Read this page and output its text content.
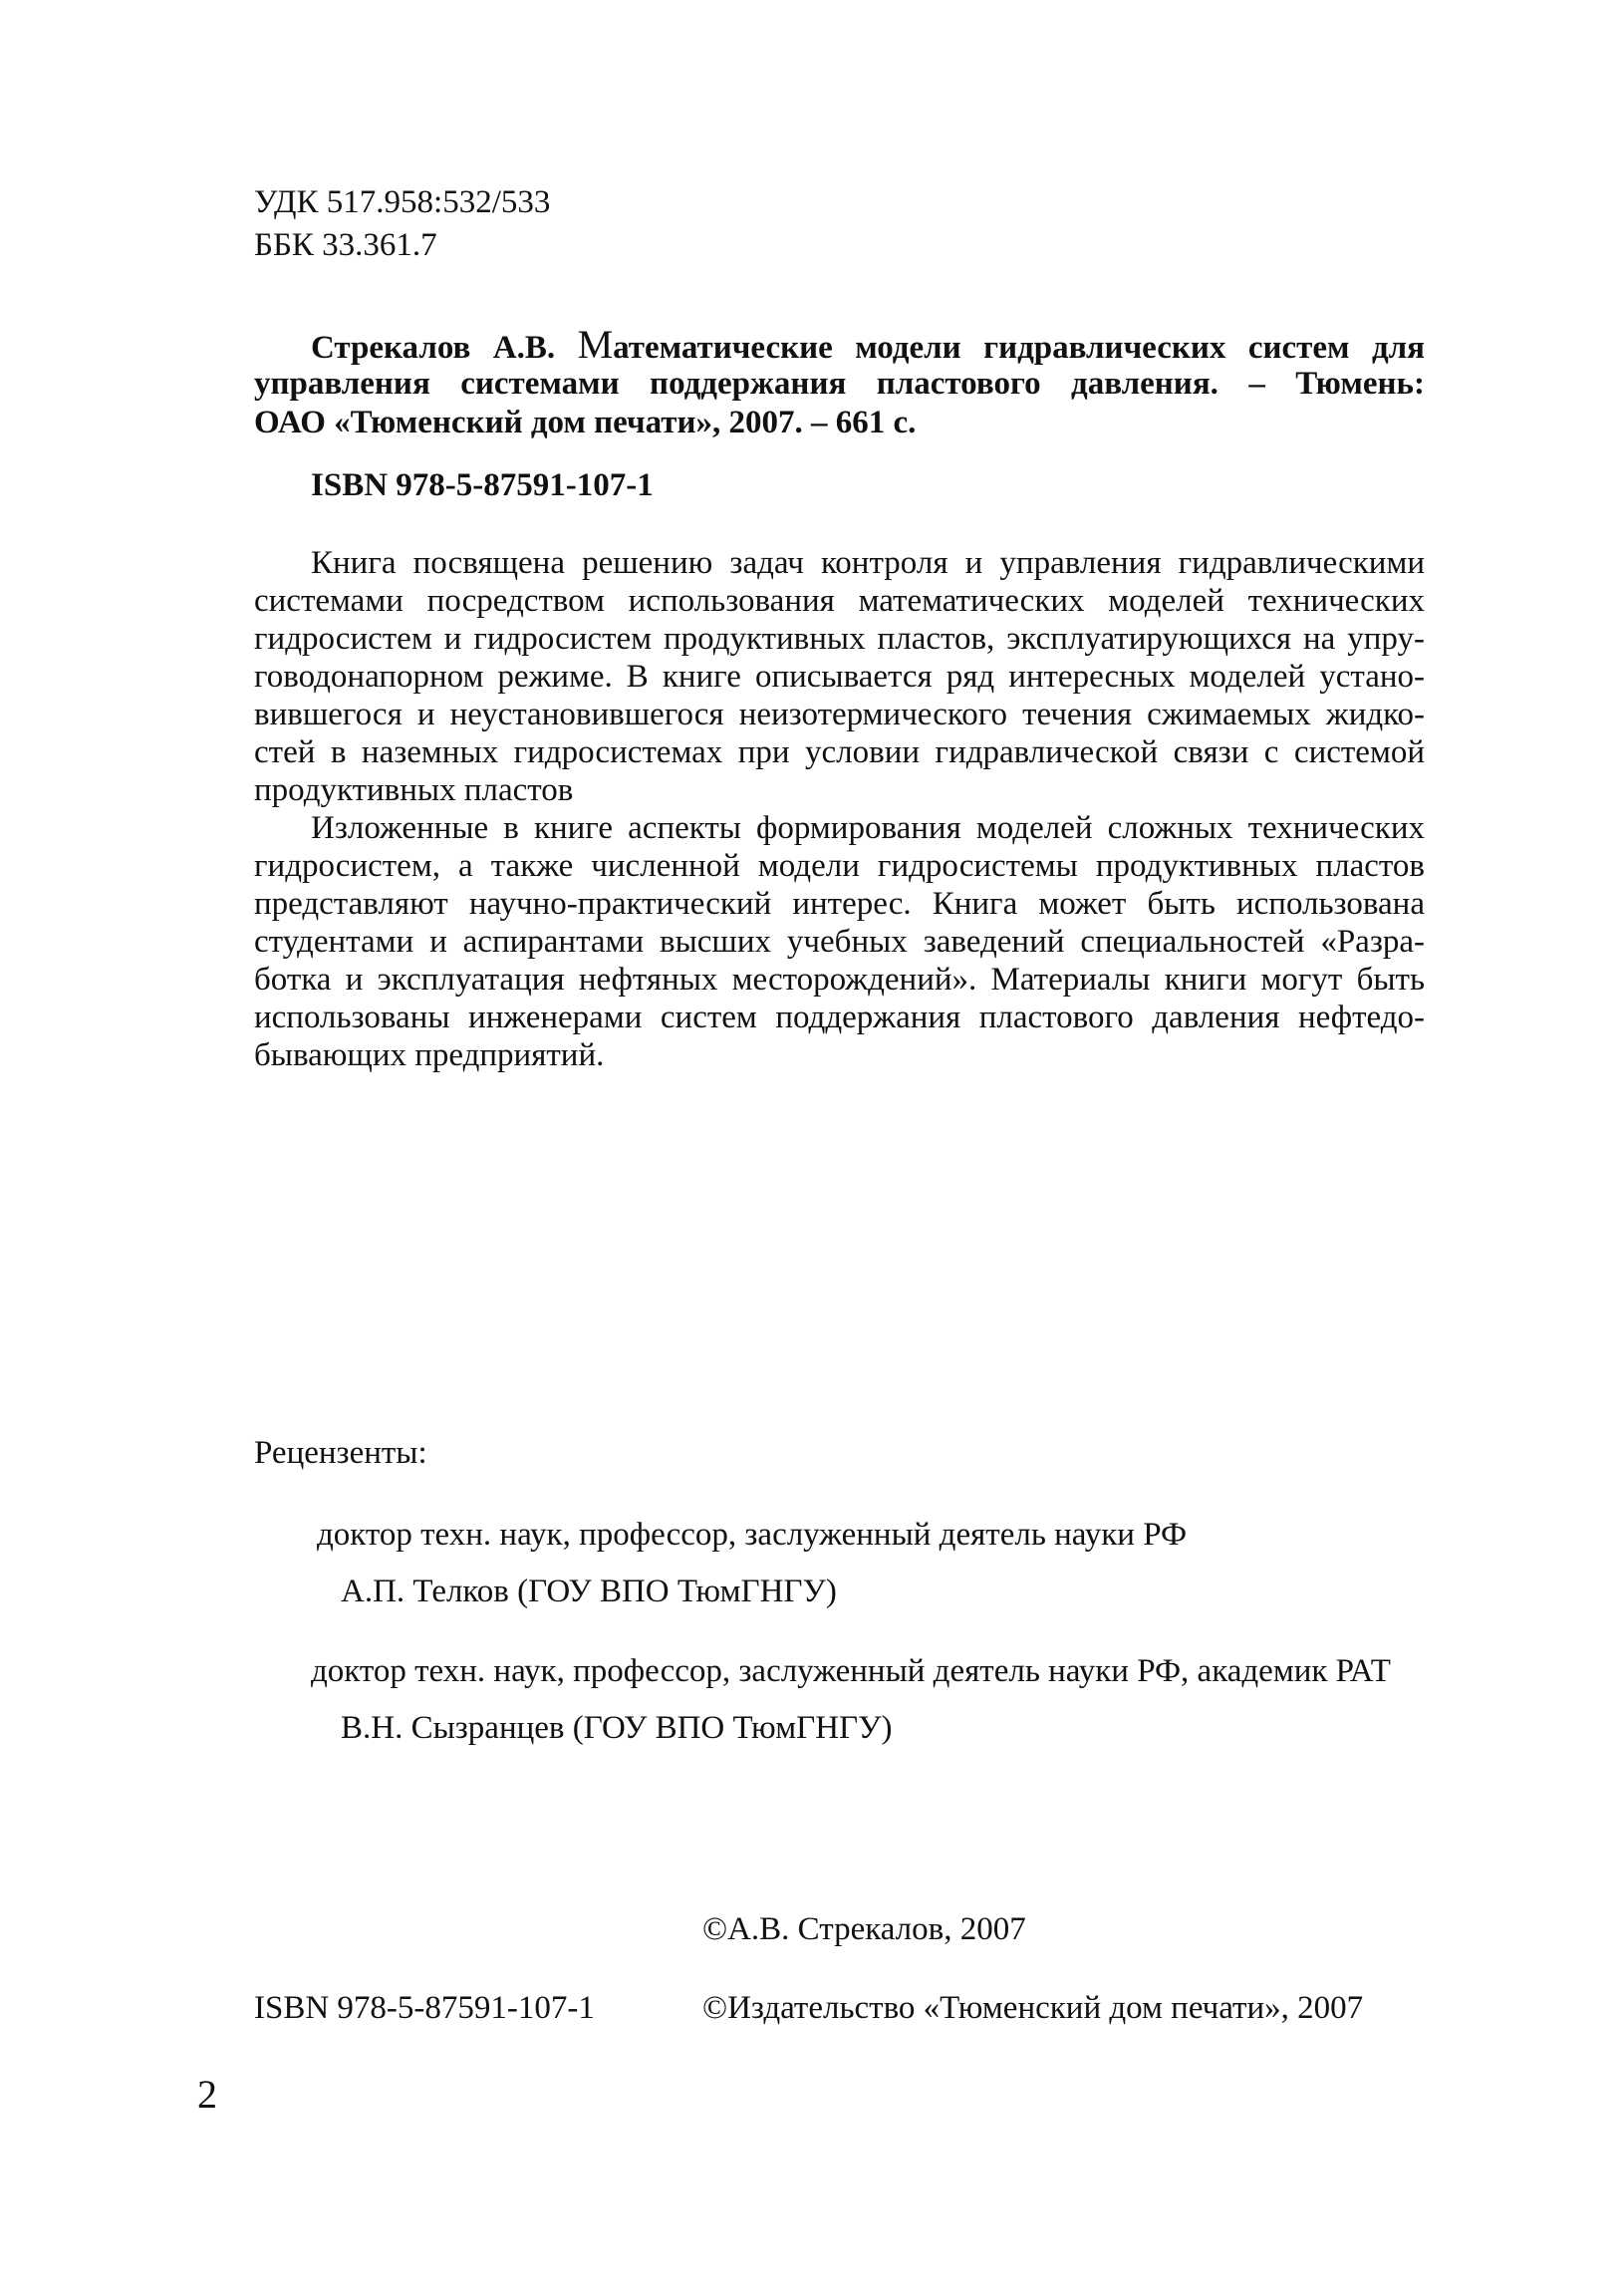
УДК 517.958:532/533
ББК 33.361.7
Стрекалов А.В. Математические модели гидравлических систем для
управления системами поддержания пластового давления. – Тюмень:
ОАО «Тюменский дом печати», 2007. – 661 с.
ISBN 978-5-87591-107-1
Книга посвящена решению задач контроля и управления гидравлическими
системами посредством использования математических моделей технических
гидросистем и гидросистем продуктивных пластов, эксплуатирующихся на упру-
говодонапорном режиме. В книге описывается ряд интересных моделей устано-
вившегося и неустановившегося неизотермического течения сжимаемых жидко-
стей в наземных гидросистемах при условии гидравлической связи с системой
продуктивных пластов
Изложенные в книге аспекты формирования моделей сложных технических
гидросистем, а также численной модели гидросистемы продуктивных пластов
представляют научно-практический интерес. Книга может быть использована
студентами и аспирантами высших учебных заведений специальностей «Разра-
ботка и эксплуатация нефтяных месторождений». Материалы книги могут быть
использованы инженерами систем поддержания пластового давления нефтедо-
бывающих предприятий.
Рецензенты:
доктор техн. наук, профессор, заслуженный деятель науки РФ
А.П. Телков (ГОУ ВПО ТюмГНГУ)
доктор техн. наук, профессор, заслуженный деятель науки РФ, академик РАТ
В.Н. Сызранцев (ГОУ ВПО ТюмГНГУ)
©А.В. Стрекалов, 2007
ISBN 978-5-87591-107-1	©Издательство «Тюменский дом печати», 2007
2
